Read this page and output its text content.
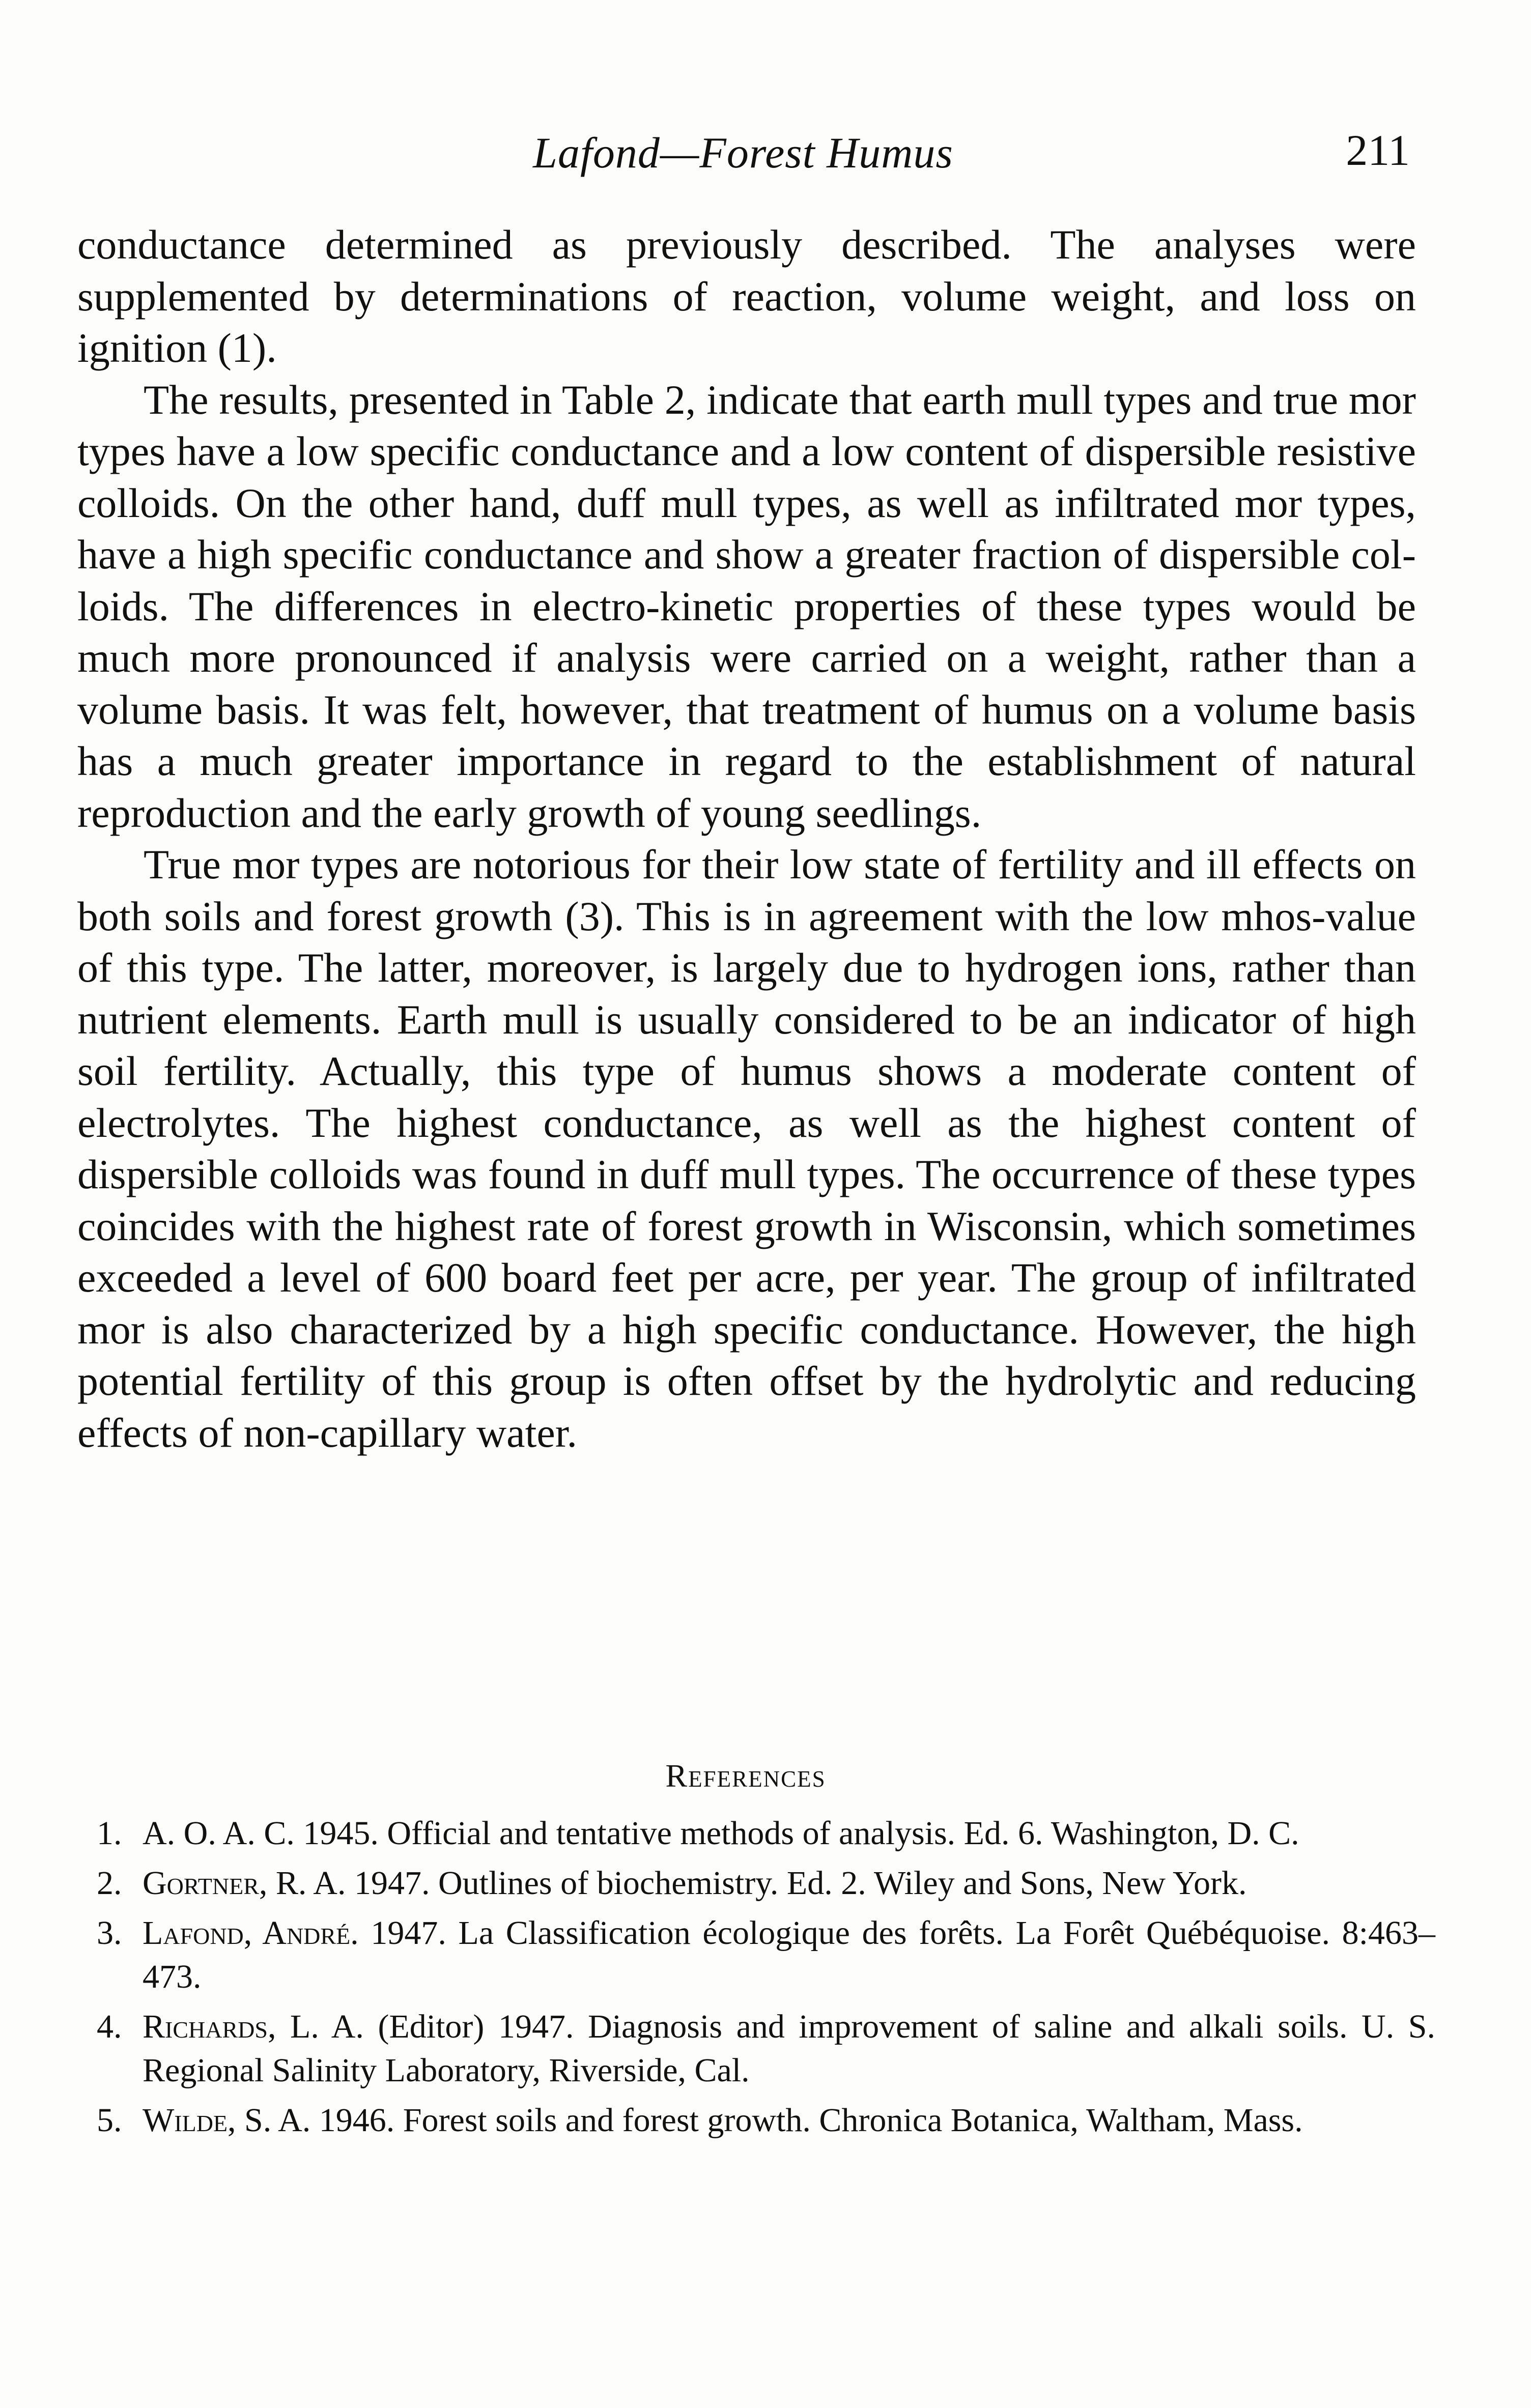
Lafond—Forest Humus	211

conductance determined as previously described. The analyses were supplemented by determinations of reaction, volume weight, and loss on ignition (1).

The results, presented in Table 2, indicate that earth mull types and true mor types have a low specific conductance and a low content of dispersible resistive colloids. On the other hand, duff mull types, as well as infiltrated mor types, have a high specific conductance and show a greater fraction of dispersible colloids. The differences in electro-kinetic properties of these types would be much more pronounced if analysis were carried on a weight, rather than a volume basis. It was felt, however, that treatment of humus on a volume basis has a much greater importance in regard to the establishment of natural reproduction and the early growth of young seedlings.

True mor types are notorious for their low state of fertility and ill effects on both soils and forest growth (3). This is in agreement with the low mhos-value of this type. The latter, moreover, is largely due to hydrogen ions, rather than nutrient elements. Earth mull is usually considered to be an indicator of high soil fertility. Actually, this type of humus shows a moderate content of electrolytes. The highest conductance, as well as the highest content of dispersible colloids was found in duff mull types. The occurrence of these types coincides with the highest rate of forest growth in Wisconsin, which sometimes exceeded a level of 600 board feet per acre, per year. The group of infiltrated mor is also characterized by a high specific conductance. However, the high potential fertility of this group is often offset by the hydrolytic and reducing effects of non-capillary water.

References
1. A. O. A. C. 1945. Official and tentative methods of analysis. Ed. 6. Washington, D. C.
2. Gortner, R. A. 1947. Outlines of biochemistry. Ed. 2. Wiley and Sons, New York.
3. Lafond, André. 1947. La Classification écologique des forêts. La Forêt Québéquoise. 8:463–473.
4. Richards, L. A. (Editor) 1947. Diagnosis and improvement of saline and alkali soils. U. S. Regional Salinity Laboratory, Riverside, Cal.
5. Wilde, S. A. 1946. Forest soils and forest growth. Chronica Botanica, Waltham, Mass.
